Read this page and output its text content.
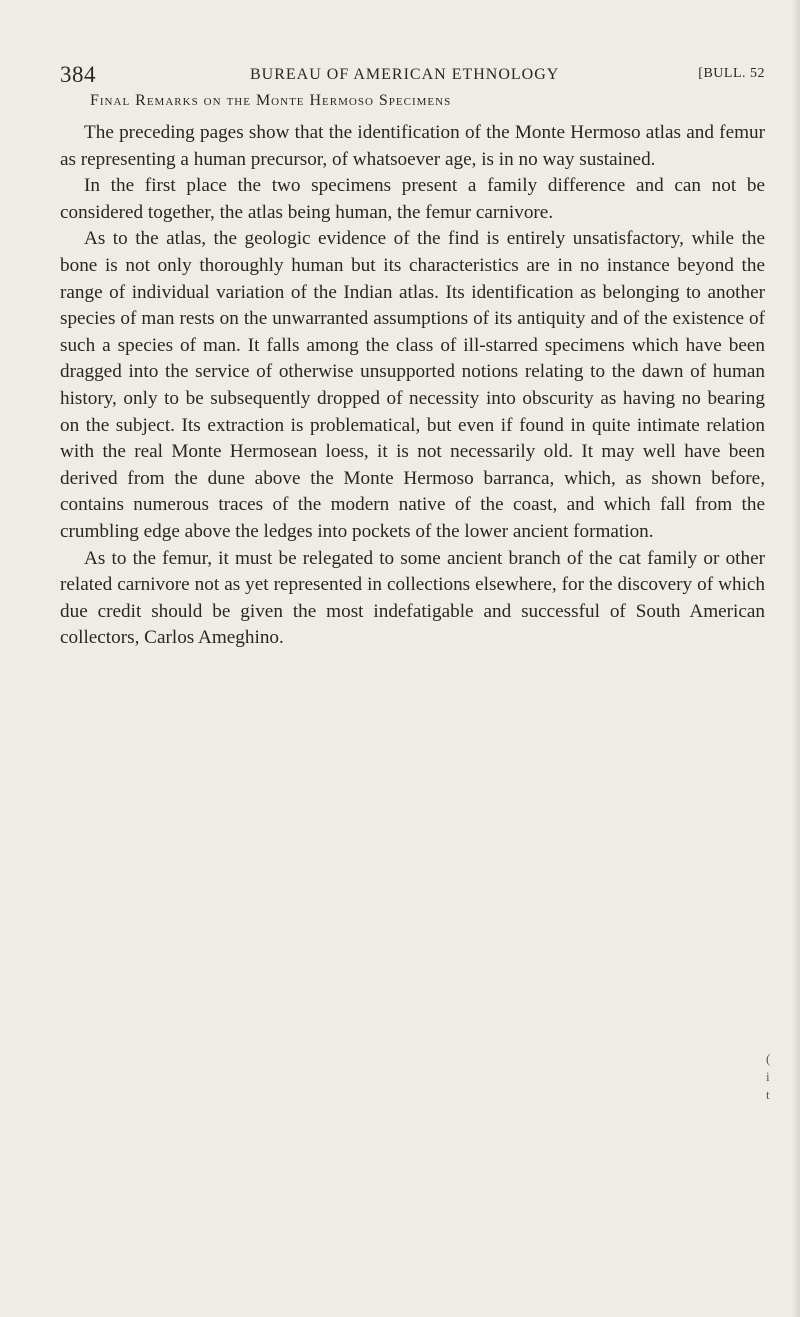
384	BUREAU OF AMERICAN ETHNOLOGY	[BULL. 52
Final Remarks on the Monte Hermoso Specimens

The preceding pages show that the identification of the Monte Hermoso atlas and femur as representing a human precursor, of whatsoever age, is in no way sustained.

In the first place the two specimens present a family difference and can not be considered together, the atlas being human, the femur carnivore.

As to the atlas, the geologic evidence of the find is entirely unsatisfactory, while the bone is not only thoroughly human but its characteristics are in no instance beyond the range of individual variation of the Indian atlas. Its identification as belonging to another species of man rests on the unwarranted assumptions of its antiquity and of the existence of such a species of man. It falls among the class of ill-starred specimens which have been dragged into the service of otherwise unsupported notions relating to the dawn of human history, only to be subsequently dropped of necessity into obscurity as having no bearing on the subject. Its extraction is problematical, but even if found in quite intimate relation with the real Monte Hermosean loess, it is not necessarily old. It may well have been derived from the dune above the Monte Hermoso barranca, which, as shown before, contains numerous traces of the modern native of the coast, and which fall from the crumbling edge above the ledges into pockets of the lower ancient formation.

As to the femur, it must be relegated to some ancient branch of the cat family or other related carnivore not as yet represented in collections elsewhere, for the discovery of which due credit should be given the most indefatigable and successful of South American collectors, Carlos Ameghino.

(
i
t
